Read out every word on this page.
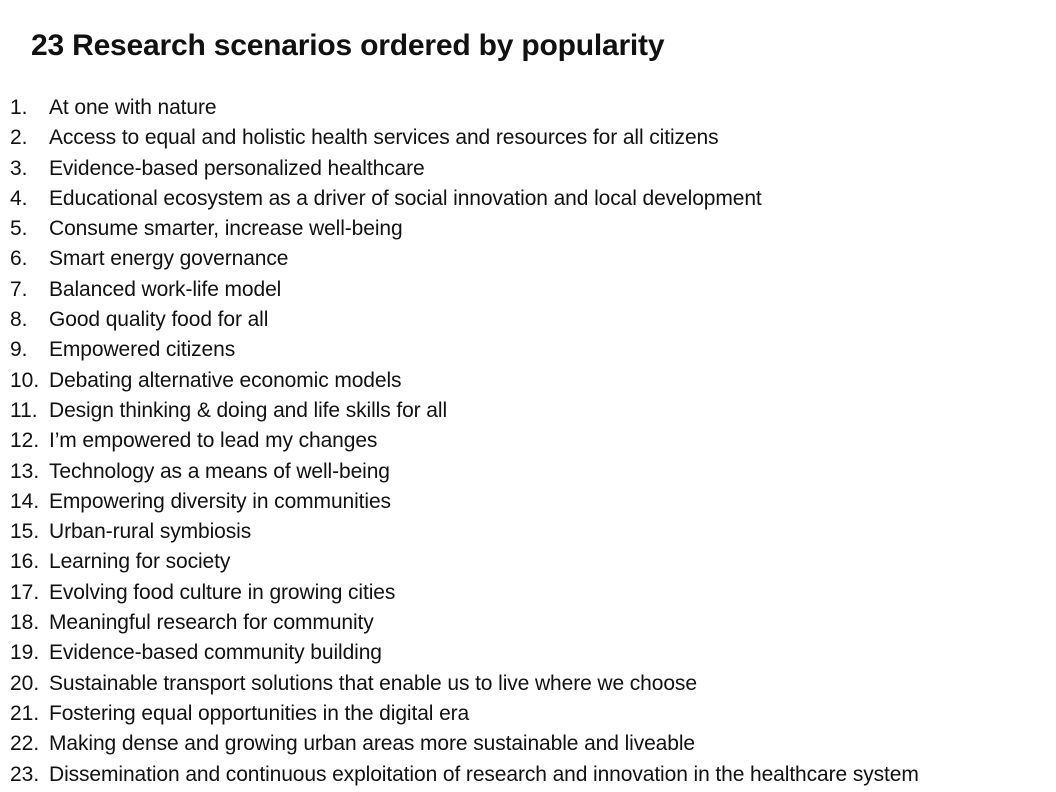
23 Research scenarios ordered by popularity
1.	At one with nature
2.	Access to equal and holistic health services and resources for all citizens
3.	Evidence-based personalized healthcare
4.	Educational ecosystem as a driver of social innovation and local development
5.	Consume smarter, increase well-being
6.	Smart energy governance
7.	Balanced work-life model
8.	Good quality food for all
9.	Empowered citizens
10. Debating alternative economic models
11. Design thinking & doing and life skills for all
12. I’m empowered to lead my changes
13. Technology as a means of well-being
14. Empowering diversity in communities
15. Urban-rural symbiosis
16. Learning for society
17. Evolving food culture in growing cities
18. Meaningful research for community
19. Evidence-based community building
20. Sustainable transport solutions that enable us to live where we choose
21. Fostering equal opportunities in the digital era
22. Making dense and growing urban areas more sustainable and liveable
23. Dissemination and continuous exploitation of research and innovation in the healthcare system
